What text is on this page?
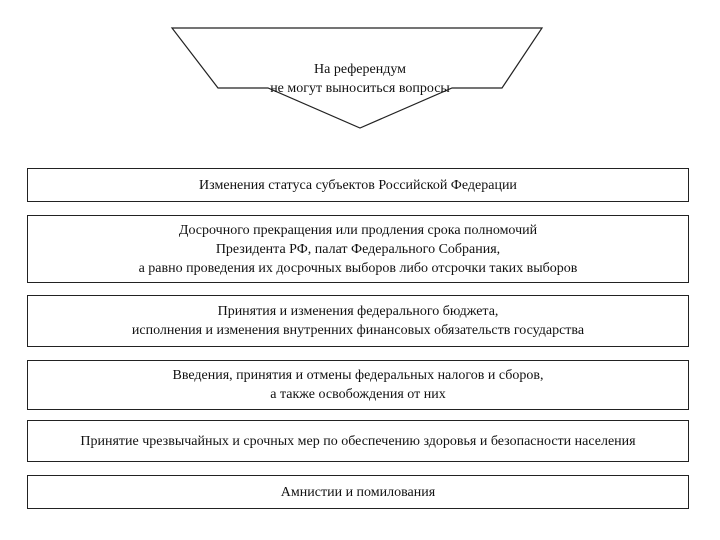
На референдум
не могут выноситься вопросы
Изменения статуса субъектов Российской Федерации
Досрочного прекращения или продления срока полномочий
Президента РФ, палат Федерального Собрания,
а равно проведения их досрочных выборов либо отсрочки таких выборов
Принятия и изменения федерального бюджета,
исполнения и изменения внутренних финансовых обязательств государства
Введения, принятия и отмены федеральных налогов и сборов,
а также освобождения от них
Принятие чрезвычайных и срочных мер по обеспечению здоровья и безопасности населения
Амнистии и помилования
